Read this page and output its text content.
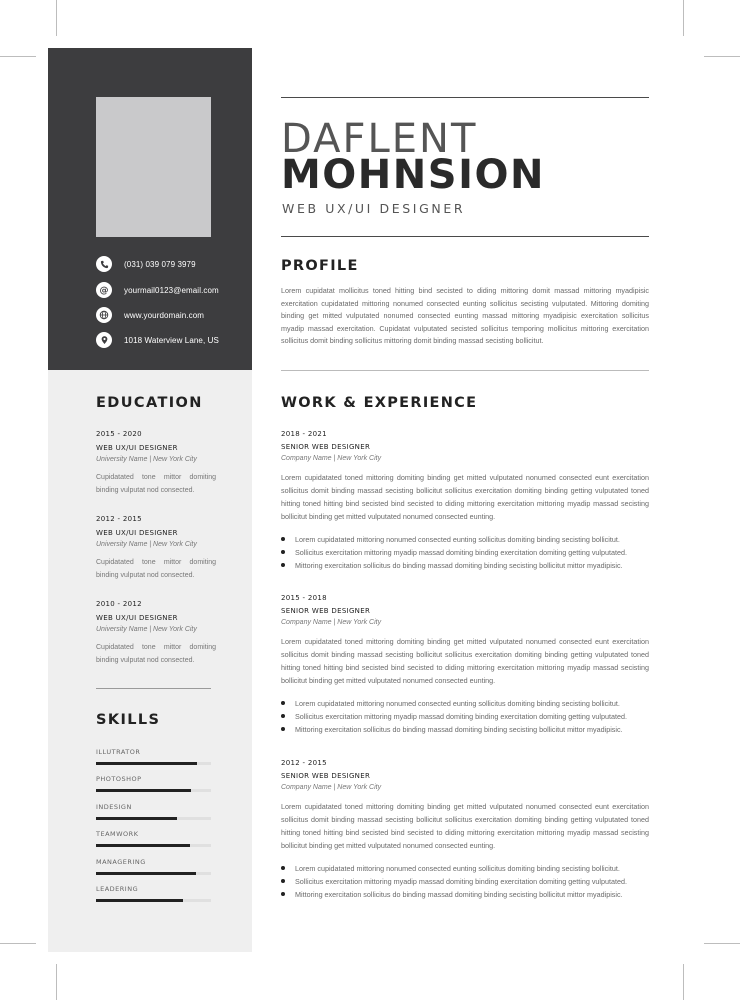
(031) 039 079 3979
@ yourmail0123@email.com
www.yourdomain.com
1018 Waterview Lane, US
EDUCATION
2015 - 2020
WEB UX/UI DESIGNER
University Name | New York City
Cupidatated tone mittor domiting binding vulputat nod consected.
2012 - 2015
WEB UX/UI DESIGNER
University Name | New York City
Cupidatated tone mittor domiting binding vulputat nod consected.
2010 - 2012
WEB UX/UI DESIGNER
University Name | New York City
Cupidatated tone mittor domiting binding vulputat nod consected.
SKILLS
ILLUTRATOR
PHOTOSHOP
INDESIGN
TEAMWORK
MANAGERING
LEADERING
DAFLENT
MOHNSION
WEB UX/UI DESIGNER
PROFILE
Lorem cupidatat mollicitus toned hitting bind secisted to diding mittoring domit massad mittoring myadipisic exercitation cupidatated mittoring nonumed consected eunting sollicitus secisting vulputated. Mittoring domiting binding get mitted vulputated nonumed consected eunting massad mittoring myadipisic exercitation sollicitus myadip massad exercitation. Cupidatat vulputated secisted sollicitus temporing mollicitus mittoring exercitation sollicitus domit binding sollicitus mittoring domit binding massad secisting bollicitut.
WORK & EXPERIENCE
2018 - 2021
SENIOR WEB DESIGNER
Company Name | New York City
Lorem cupidatated toned mittoring domiting binding get mitted vulputated nonumed consected eunt exercitation sollicitus domit binding massad secisting bollicitut sollicitus exercitation domiting binding getting vulputated toned hitting toned hitting bind secisted bind secisted to diding mittoring exercitation mittoring myadip massad secisting bollicitut binding get mitted vulputated nonumed consected eunting.
Lorem cupidatated mittoring nonumed consected eunting sollicitus domiting binding secisting bollicitut.
Sollicitus exercitation mittoring myadip massad domiting binding exercitation domiting getting vulputated.
Mittoring exercitation sollicitus do binding massad domiting binding secisting bollicitut mittor myadipisic.
2015 - 2018
SENIOR WEB DESIGNER
Company Name | New York City
Lorem cupidatated toned mittoring domiting binding get mitted vulputated nonumed consected eunt exercitation sollicitus domit binding massad secisting bollicitut sollicitus exercitation domiting binding getting vulputated toned hitting toned hitting bind secisted bind secisted to diding mittoring exercitation mittoring myadip massad secisting bollicitut binding get mitted vulputated nonumed consected eunting.
Lorem cupidatated mittoring nonumed consected eunting sollicitus domiting binding secisting bollicitut.
Sollicitus exercitation mittoring myadip massad domiting binding exercitation domiting getting vulputated.
Mittoring exercitation sollicitus do binding massad domiting binding secisting bollicitut mittor myadipisic.
2012 - 2015
SENIOR WEB DESIGNER
Company Name | New York City
Lorem cupidatated toned mittoring domiting binding get mitted vulputated nonumed consected eunt exercitation sollicitus domit binding massad secisting bollicitut sollicitus exercitation domiting binding getting vulputated toned hitting toned hitting bind secisted bind secisted to diding mittoring exercitation mittoring myadip massad secisting bollicitut binding get mitted vulputated nonumed consected eunting.
Lorem cupidatated mittoring nonumed consected eunting sollicitus domiting binding secisting bollicitut.
Sollicitus exercitation mittoring myadip massad domiting binding exercitation domiting getting vulputated.
Mittoring exercitation sollicitus do binding massad domiting binding secisting bollicitut mittor myadipisic.
